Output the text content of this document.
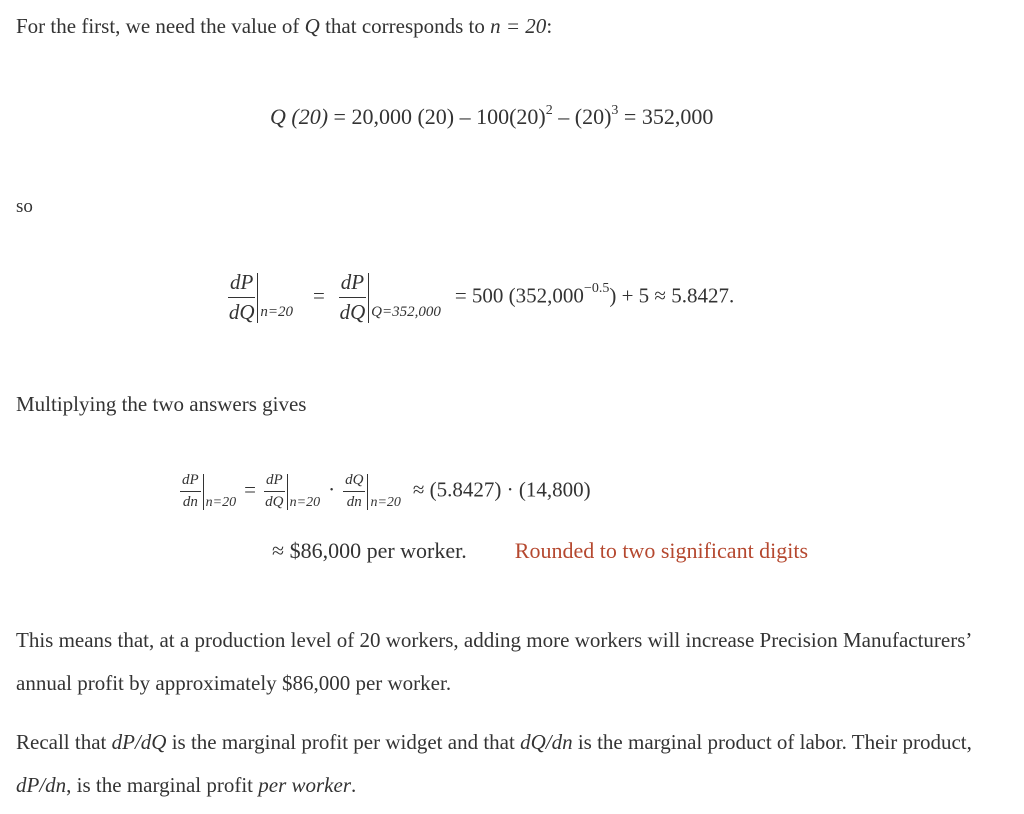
For the first, we need the value of Q that corresponds to n = 20:
Q (20) = 20,000 $(20) - 100(20)^2 - (20)^3 = 352,000$
so
$\frac{dP}{dQ} _{n=20}= \frac{dP}{dQ} _{Q=352,000}= 500$ $(352,000^{-0.5}) + 5 \approx 5.8427$.
Multiplying the two answers gives
$\frac{dP}{dn} _{n=20}= \frac{dP}{dQ} _{n=20}\cdot \frac{dQ}{dn} _{n=20}\approx (5.8427) \cdot (14,800)$
≈ $86,000 per worker. Rounded to two significant digits
This means that, at a production level of 20 workers, adding more workers will increase Precision Manufacturers’ annual profit by approximately $86,000 per worker.
Recall that dP/dQ is the marginal profit per widget and that dQ/dn is the marginal product of labor. Their product, dP/dn, is the marginal profit per worker.
